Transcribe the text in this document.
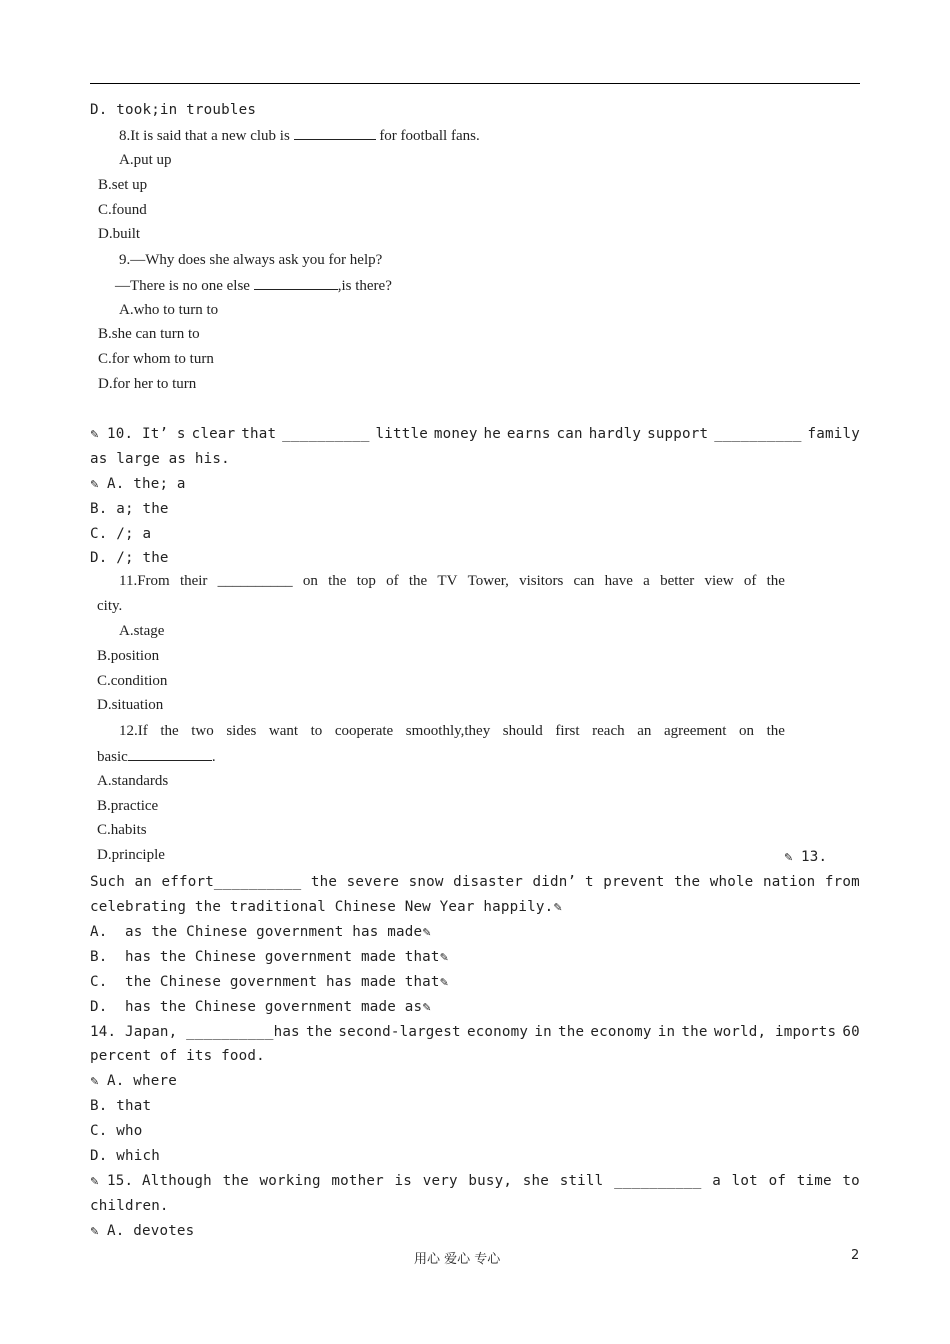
D. took;in troubles
8.It is said that a new club is	for football fans.
A.put up
B.set up
C.found
D.built
9.—Why does she always ask you for help?
—There is no one else	,is there?
A.who to turn to
B.she can turn to
C.for whom to turn
D.for her to turn
✎ 10. It’ s clear that __________ little money he earns can hardly support __________ family
as large as his.
✎ A. the; a
B. a; the
C. /; a
D. /; the
11.From their __________ on the top of the TV Tower, visitors can have a better view of the
city.
A.stage
B.position
C.condition
D.situation
12.If the two sides want to cooperate smoothly,they should first reach an agreement on the
basic	.
A.standards
B.practice
C.habits
D.principle	✎ 13.
Such an effort__________ the severe snow disaster didn’ t prevent the whole nation from
celebrating the traditional Chinese New Year happily.✎
A.  as the Chinese government has made✎
B.  has the Chinese government made that✎
C.  the Chinese government has made that✎
D.  has the Chinese government made as✎
14. Japan, __________has the second-largest economy in the economy in the world, imports 60
percent of its food.
✎ A. where
B. that
C. who
D. which
✎ 15. Although the working mother is very busy, she still __________ a lot of time to
children.
✎ A. devotes
用心 爱心 专心	2
